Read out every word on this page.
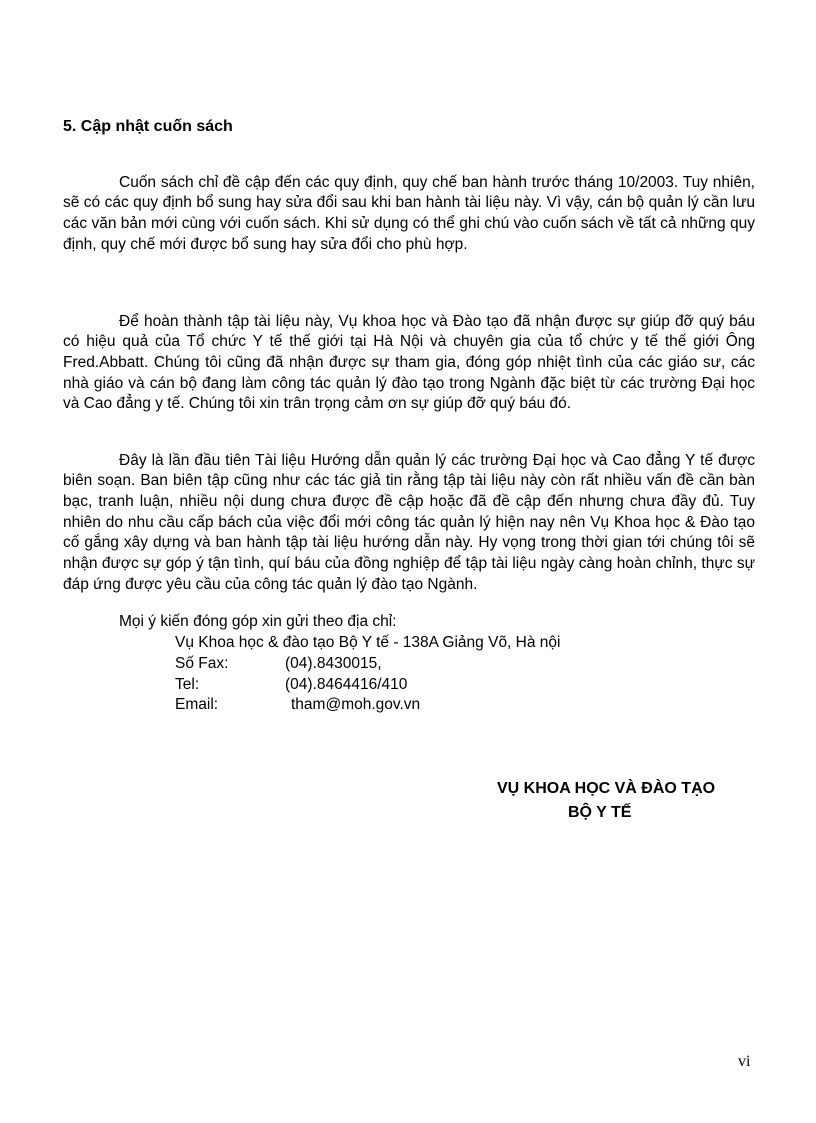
5. Cập nhật cuốn sách

Cuốn sách chỉ đề cập đến các quy định, quy chế ban hành trước tháng 10/2003. Tuy nhiên, sẽ có các quy định bổ sung hay sửa đổi sau khi ban hành tài liệu này. Vì vậy, cán bộ quản lý cần lưu các văn bản mới cùng với cuốn sách. Khi sử dụng có thể ghi chú vào cuốn sách về tất cả những quy định, quy chế mới được bổ sung hay sửa đổi cho phù hợp.

Để hoàn thành tập tài liệu này, Vụ khoa học và Đào tạo đã nhận được sự giúp đỡ quý báu có hiệu quả của Tổ chức Y tế thế giới tại Hà Nội và chuyên gia của tổ chức y tế thế giới Ông Fred.Abbatt. Chúng tôi cũng đã nhận được sự tham gia, đóng góp nhiệt tình của các giáo sư, các nhà giáo và cán bộ đang làm công tác quản lý đào tạo trong Ngành đặc biệt từ các trường Đại học và Cao đẳng y tế. Chúng tôi xin trân trọng cảm ơn sự giúp đỡ quý báu đó.

Đây là lần đầu tiên Tài liệu Hướng dẫn quản lý các trường Đại học và Cao đẳng Y tế được biên soạn. Ban biên tập cũng như các tác giả tin rằng tập tài liệu này còn rất nhiều vấn đề cần bàn bạc, tranh luận, nhiều nội dung chưa được đề cập hoặc đã đề cập đến nhưng chưa đầy đủ. Tuy nhiên do nhu cầu cấp bách của việc đổi mới công tác quản lý hiện nay nên Vụ Khoa học & Đào tạo cố gắng xây dựng và ban hành tập tài liệu hướng dẫn này. Hy vọng trong thời gian tới chúng tôi sẽ nhận được sự góp ý tận tình, quí báu của đồng nghiệp để tập tài liệu ngày càng hoàn chỉnh, thực sự đáp ứng được yêu cầu của công tác quản lý đào tạo Ngành.

Mọi ý kiến đóng góp xin gửi theo địa chỉ:
Vụ Khoa học & đào tạo Bộ Y tế - 138A Giảng Võ, Hà nội
Số Fax:	(04).8430015,
Tel:	(04).8464416/410
Email:	tham@moh.gov.vn
VỤ KHOA HỌC VÀ ĐÀO TẠO
BỘ Y TẾ
vi
